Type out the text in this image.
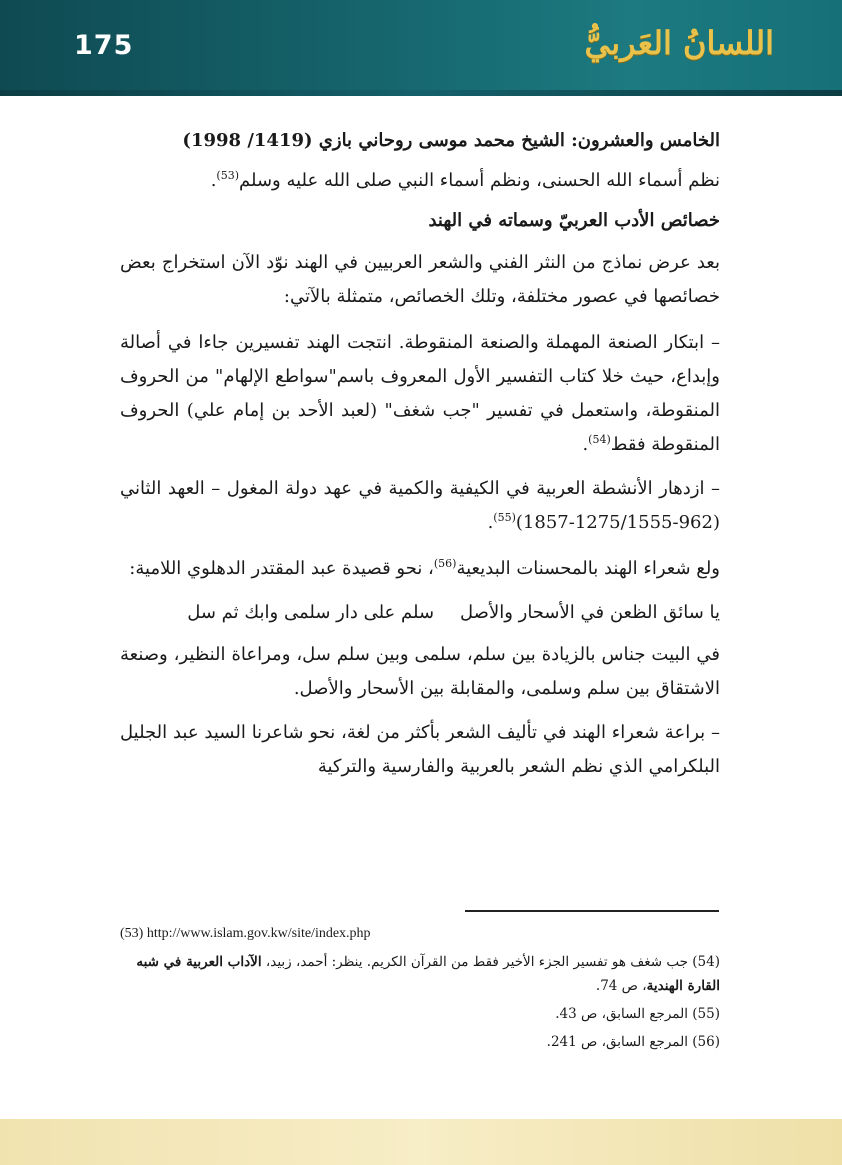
175	اللسانُ العَربيُّ

الخامس والعشرون: الشيخ محمد موسى روحاني بازي (1419/ 1998)

نظم أسماء الله الحسنى، ونظم أسماء النبي صلى الله عليه وسلم$^{(53)}$.

خصائص الأدب العربيّ وسماته في الهند

بعد عرض نماذج من النثر الفني والشعر العربيين في الهند نوّد الآن استخراج بعض خصائصها في عصور مختلفة، وتلك الخصائص، متمثلة بالآتي:

– ابتكار الصنعة المهملة والصنعة المنقوطة. انتجت الهند تفسيرين جاءا في أصالة وإبداع، حيث خلا كتاب التفسير الأول المعروف باسم"سواطع الإلهام" من الحروف المنقوطة، واستعمل في تفسير "جب شغف" (لعبد الأحد بن إمام علي) الحروف المنقوطة فقط$^{(54)}$.

– ازدهار الأنشطة العربية في الكيفية والكمية في عهد دولة المغول – العهد الثاني $(962-1275/1555-1857)^{(55)}$.

ولع شعراء الهند بالمحسنات البديعية$^{(56)}$، نحو قصيدة عبد المقتدر الدهلوي اللامية:

يا سائق الظعن في الأسحار والأصلسلم على دار سلمى وابك ثم سل

في البيت جناس بالزيادة بين سلم، سلمى وبين سلم سل، ومراعاة النظير، وصنعة الاشتقاق بين سلم وسلمى، والمقابلة بين الأسحار والأصل.

– براعة شعراء الهند في تأليف الشعر بأكثر من لغة، نحو شاعرنا السيد عبد الجليل البلكرامي الذي نظم الشعر بالعربية والفارسية والتركية

(53) http://www.islam.gov.kw/site/index.php
(54) جب شغف هو تفسير الجزء الأخير فقط من القرآن الكريم. ينظر: أحمد، زبيد، الآداب العربية في شبه القارة الهندية، ص 74.
(55) المرجع السابق، ص 43.
(56) المرجع السابق، ص 241.
